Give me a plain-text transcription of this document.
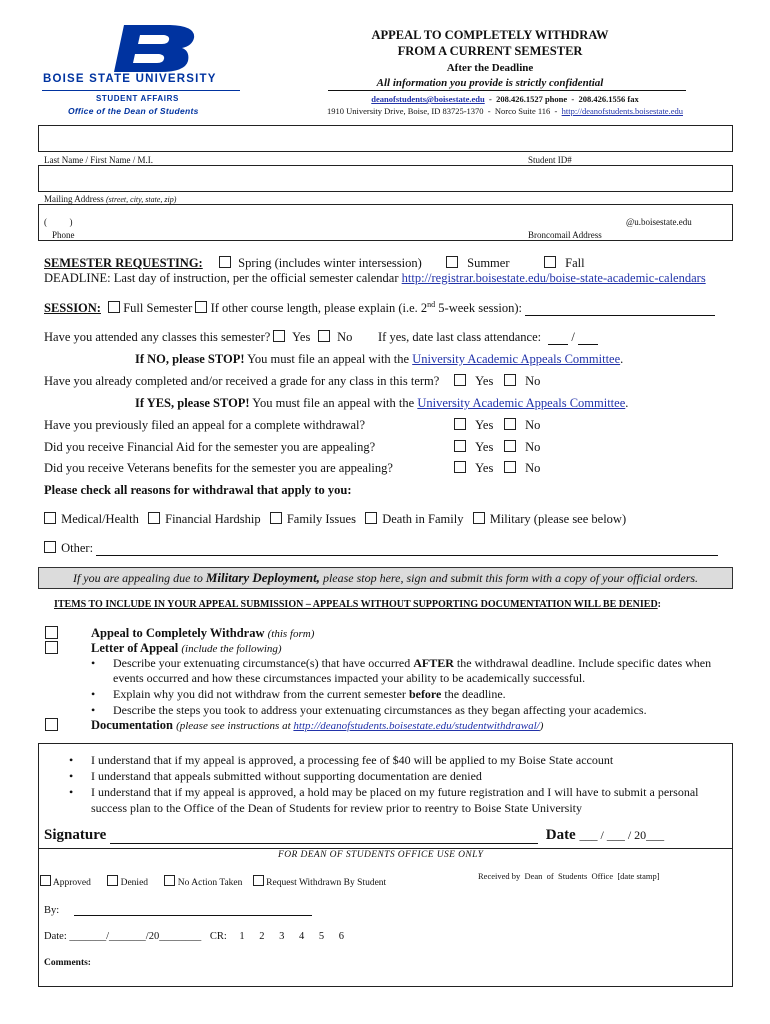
BOISE STATE UNIVERSITY
STUDENT AFFAIRS
Office of the Dean of Students
APPEAL TO COMPLETELY WITHDRAW
FROM A CURRENT SEMESTER
After the Deadline
All information you provide is strictly confidential
deanofstudents@boisestate.edu  -  208.426.1527 phone  -  208.426.1556 fax
1910 University Drive, Boise, ID 83725-1370  -  Norco Suite 116  -  http://deanofstudents.boisestate.edu
Last Name / First Name / M.I.	Student ID#
Mailing Address (street, city, state, zip)
(          )	@u.boisestate.edu
Phone	Broncomail Address
SEMESTER REQUESTING:	Spring (includes winter intersession)	Summer	Fall
DEADLINE: Last day of instruction, per the official semester calendar http://registrar.boisestate.edu/boise-state-academic-calendars
SESSION: Full Semester If other course length, please explain (i.e. 2nd 5-week session):
Have you attended any classes this semester?	Yes	No If yes, date last class attendance:  /
If NO, please STOP! You must file an appeal with the University Academic Appeals Committee.
Have you already completed and/or received a grade for any class in this term?	Yes	No
If YES, please STOP! You must file an appeal with the University Academic Appeals Committee.
Have you previously filed an appeal for a complete withdrawal?	Yes	No
Did you receive Financial Aid for the semester you are appealing?	Yes	No
Did you receive Veterans benefits for the semester you are appealing?	Yes	No
Please check all reasons for withdrawal that apply to you:
Medical/Health Financial Hardship Family Issues Death in Family Military (please see below)
Other:
If you are appealing due to Military Deployment, please stop here, sign and submit this form with a copy of your official orders.
ITEMS TO INCLUDE IN YOUR APPEAL SUBMISSION – APPEALS WITHOUT SUPPORTING DOCUMENTATION WILL BE DENIED:
Appeal to Completely Withdraw (this form)
Letter of Appeal (include the following)
• Describe your extenuating circumstance(s) that have occurred AFTER the withdrawal deadline. Include specific dates when events occurred and how these circumstances impacted your ability to be academically successful.
• Explain why you did not withdraw from the current semester before the deadline.
• Describe the steps you took to address your extenuating circumstances as they began affecting your academics.
Documentation (please see instructions at http://deanofstudents.boisestate.edu/studentwithdrawal/)
• I understand that if my appeal is approved, a processing fee of $40 will be applied to my Boise State account
• I understand that appeals submitted without supporting documentation are denied
• I understand that if my appeal is approved, a hold may be placed on my future registration and I will have to submit a personal success plan to the Office of the Dean of Students for review prior to reentry to Boise State University
Signature	Date ___ / ___ / 20___
FOR DEAN OF STUDENTS OFFICE USE ONLY
Approved	Denied	No Action Taken	Request Withdrawn By Student
Received by  Dean  of  Students  Office  [date stamp]
By:
Date: _______/_______/20________ CR: 1 2 3 4 5 6
Comments:
